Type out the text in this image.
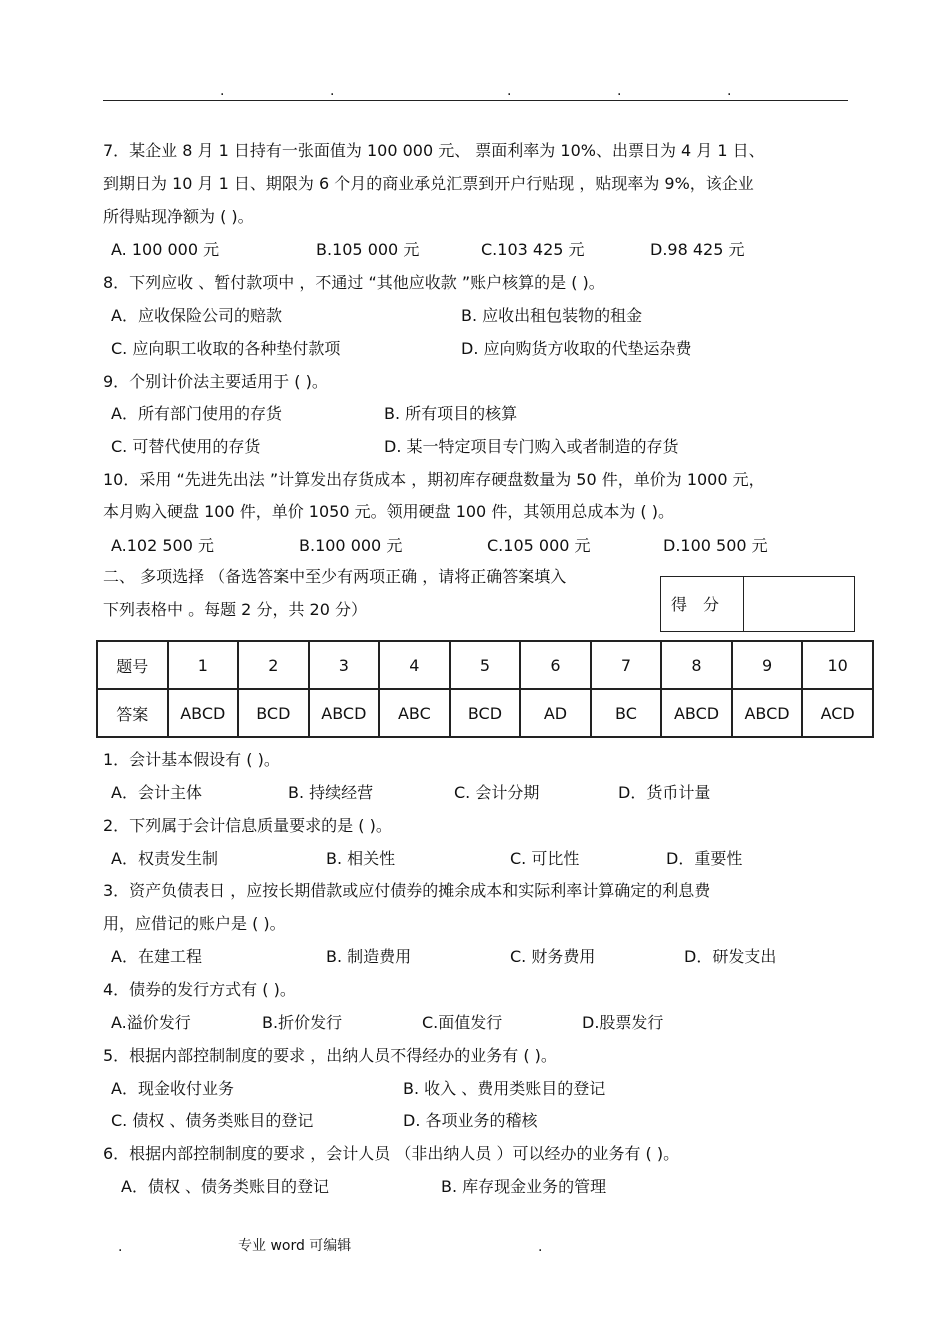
.	.	.	.	.
7．某企业 8 月 1 日持有一张面值为 100 000 元、 票面利率为 10%、出票日为 4 月 1 日、
到期日为 10 月 1 日、期限为 6 个月的商业承兑汇票到开户行贴现 ，贴现率为 9%，该企业
所得贴现净额为 ( )。
A. 100 000 元	B.105 000 元	C.103 425 元	D.98 425 元
8．下列应收 、暂付款项中 ，不通过 “其他应收款 ”账户核算的是 ( )。
A．应收保险公司的赔款	B. 应收出租包装物的租金
C. 应向职工收取的各种垫付款项	D. 应向购货方收取的代垫运杂费
9．个别计价法主要适用于 ( )。
A．所有部门使用的存货	B. 所有项目的核算
C. 可替代使用的存货	D. 某一特定项目专门购入或者制造的存货
10．采用 “先进先出法 ”计算发出存货成本 ，期初库存硬盘数量为 50 件，单价为 1000 元，
本月购入硬盘 100 件，单价 1050 元。领用硬盘 100 件，其领用总成本为 ( )。
A.102 500 元	B.100 000 元	C.105 000 元	D.100 500 元
二、 多项选择 （备选答案中至少有两项正确 ，请将正确答案填入
下列表格中 。每题 2 分，共 20 分）	得分
题号	1	2	3	4	5	6	7	8	9	10
答案	ABCD	BCD	ABCD	ABC	BCD	AD	BC	ABCD	ABCD	ACD
1．会计基本假设有 ( )。
A．会计主体	B. 持续经营	C. 会计分期	D．货币计量
2．下列属于会计信息质量要求的是 ( )。
A．权责发生制	B. 相关性	C. 可比性	D．重要性
3．资产负债表日 ，应按长期借款或应付债券的摊余成本和实际利率计算确定的利息费
用，应借记的账户是 ( )。
A．在建工程	B. 制造费用	C. 财务费用	D．研发支出
4．债券的发行方式有 ( )。
A.溢价发行	B.折价发行	C.面值发行	D.股票发行
5．根据内部控制制度的要求 ，出纳人员不得经办的业务有 ( )。
A．现金收付业务	B. 收入 、费用类账目的登记
C. 债权 、债务类账目的登记	D. 各项业务的稽核
6．根据内部控制制度的要求 ，会计人员 （非出纳人员 ）可以经办的业务有 ( )。
A．债权 、债务类账目的登记	B. 库存现金业务的管理
.	专业 word 可编辑	.
